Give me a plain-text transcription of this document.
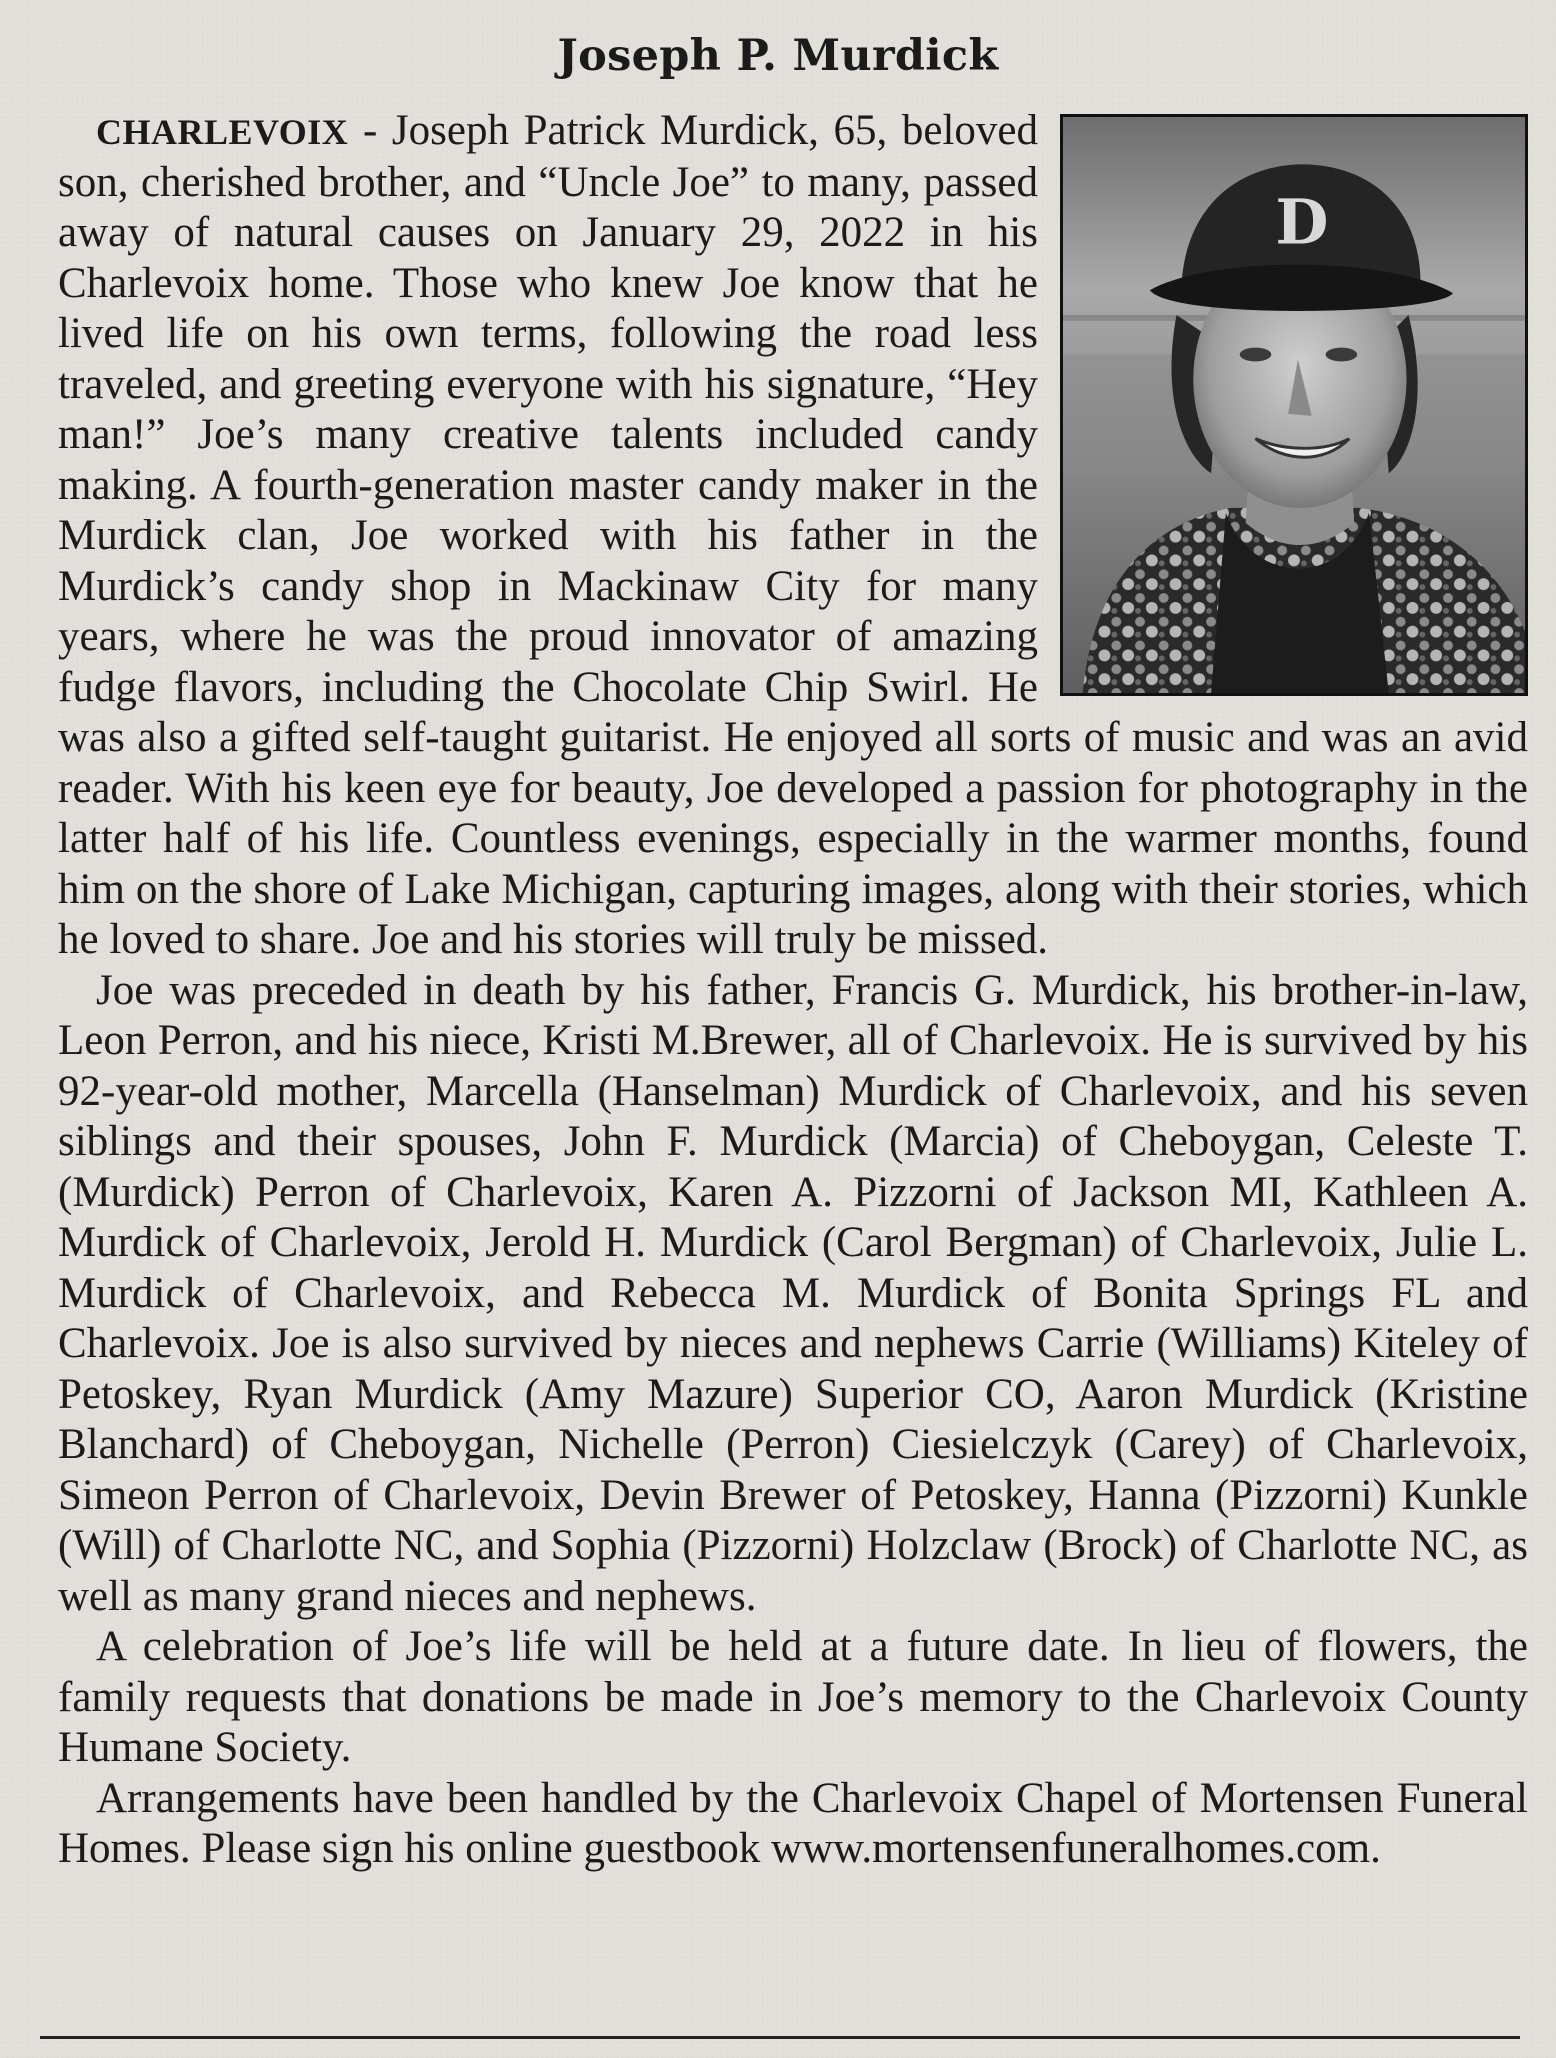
Joseph P. Murdick
D

CHARLEVOIX - Joseph Patrick Murdick, 65, beloved son, cherished brother, and “Uncle Joe” to many, passed away of natural causes on January 29, 2022 in his Charlevoix home. Those who knew Joe know that he lived life on his own terms, following the road less traveled, and greeting everyone with his signature, “Hey man!” Joe’s many creative talents included candy making. A fourth-generation master candy maker in the Murdick clan, Joe worked with his father in the Murdick’s candy shop in Mackinaw City for many years, where he was the proud innovator of amazing fudge flavors, including the Chocolate Chip Swirl. He was also a gifted self-taught guitarist. He enjoyed all sorts of music and was an avid reader. With his keen eye for beauty, Joe developed a passion for photography in the latter half of his life. Countless evenings, especially in the warmer months, found him on the shore of Lake Michigan, capturing images, along with their stories, which he loved to share. Joe and his stories will truly be missed.

Joe was preceded in death by his father, Francis G. Murdick, his brother-in-law, Leon Perron, and his niece, Kristi M.Brewer, all of Charlevoix. He is survived by his 92-year-old mother, Marcella (Hanselman) Murdick of Charlevoix, and his seven siblings and their spouses, John F. Murdick (Marcia) of Cheboygan, Celeste T. (Murdick) Perron of Charlevoix, Karen A. Pizzorni of Jackson MI, Kathleen A. Murdick of Charlevoix, Jerold H. Murdick (Carol Bergman) of Charlevoix, Julie L. Murdick of Charlevoix, and Rebecca M. Murdick of Bonita Springs FL and Charlevoix. Joe is also survived by nieces and nephews Carrie (Williams) Kiteley of Petoskey, Ryan Murdick (Amy Mazure) Superior CO, Aaron Murdick (Kristine Blanchard) of Cheboygan, Nichelle (Perron) Ciesielczyk (Carey) of Charlevoix, Simeon Perron of Charlevoix, Devin Brewer of Petoskey, Hanna (Pizzorni) Kunkle (Will) of Charlotte NC, and Sophia (Pizzorni) Holzclaw (Brock) of Charlotte NC, as well as many grand nieces and nephews.

A celebration of Joe’s life will be held at a future date. In lieu of flowers, the family requests that donations be made in Joe’s memory to the Charlevoix County Humane Society.

Arrangements have been handled by the Charlevoix Chapel of Mortensen Funeral Homes. Please sign his online guestbook www.mortensenfuneralhomes.com.
